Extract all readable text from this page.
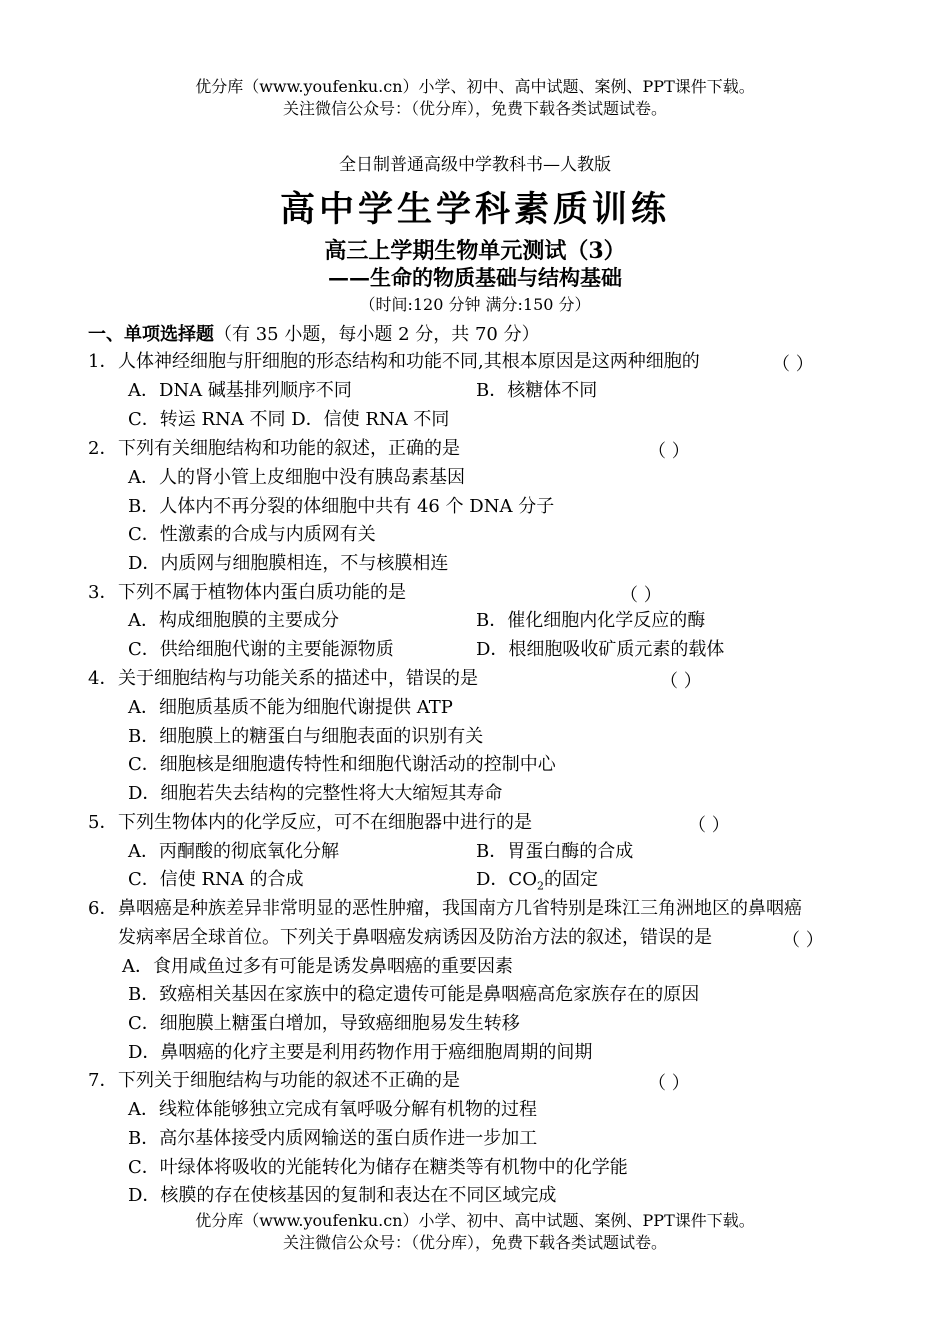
优分库（www.youfenku.cn）小学、初中、高中试题、案例、PPT课件下载。
关注微信公众号：（优分库），免费下载各类试题试卷。
全日制普通高级中学教科书—人教版
高中学生学科素质训练
高三上学期生物单元测试（3）
——生命的物质基础与结构基础
（时间:120 分钟 满分:150 分）
一、单项选择题（有 35 小题，每小题 2 分，共 70 分）
1．人体神经细胞与肝细胞的形态结构和功能不同,其根本原因是这两种细胞的	（ ）
A．DNA 碱基排列顺序不同	B．核糖体不同
C．转运 RNA 不同 D．信使 RNA 不同
2．下列有关细胞结构和功能的叙述，正确的是	（ ）
A．人的肾小管上皮细胞中没有胰岛素基因
B．人体内不再分裂的体细胞中共有 46 个 DNA 分子
C．性激素的合成与内质网有关
D．内质网与细胞膜相连，不与核膜相连
3．下列不属于植物体内蛋白质功能的是	（ ）
A．构成细胞膜的主要成分	B．催化细胞内化学反应的酶
C．供给细胞代谢的主要能源物质	D．根细胞吸收矿质元素的载体
4．关于细胞结构与功能关系的描述中，错误的是	（ ）
A．细胞质基质不能为细胞代谢提供 ATP
B．细胞膜上的糖蛋白与细胞表面的识别有关
C．细胞核是细胞遗传特性和细胞代谢活动的控制中心
D．细胞若失去结构的完整性将大大缩短其寿命
5．下列生物体内的化学反应，可不在细胞器中进行的是	（ ）
A．丙酮酸的彻底氧化分解	B．胃蛋白酶的合成
C．信使 RNA 的合成	D．$CO_2$的固定
6．鼻咽癌是种族差异非常明显的恶性肿瘤，我国南方几省特别是珠江三角洲地区的鼻咽癌
发病率居全球首位。下列关于鼻咽癌发病诱因及防治方法的叙述，错误的是	（ ）
A．食用咸鱼过多有可能是诱发鼻咽癌的重要因素
B．致癌相关基因在家族中的稳定遗传可能是鼻咽癌高危家族存在的原因
C．细胞膜上糖蛋白增加，导致癌细胞易发生转移
D．鼻咽癌的化疗主要是利用药物作用于癌细胞周期的间期
7．下列关于细胞结构与功能的叙述不正确的是	（ ）
A．线粒体能够独立完成有氧呼吸分解有机物的过程
B．高尔基体接受内质网输送的蛋白质作进一步加工
C．叶绿体将吸收的光能转化为储存在糖类等有机物中的化学能
D．核膜的存在使核基因的复制和表达在不同区域完成
优分库（www.youfenku.cn）小学、初中、高中试题、案例、PPT课件下载。
关注微信公众号：（优分库），免费下载各类试题试卷。
